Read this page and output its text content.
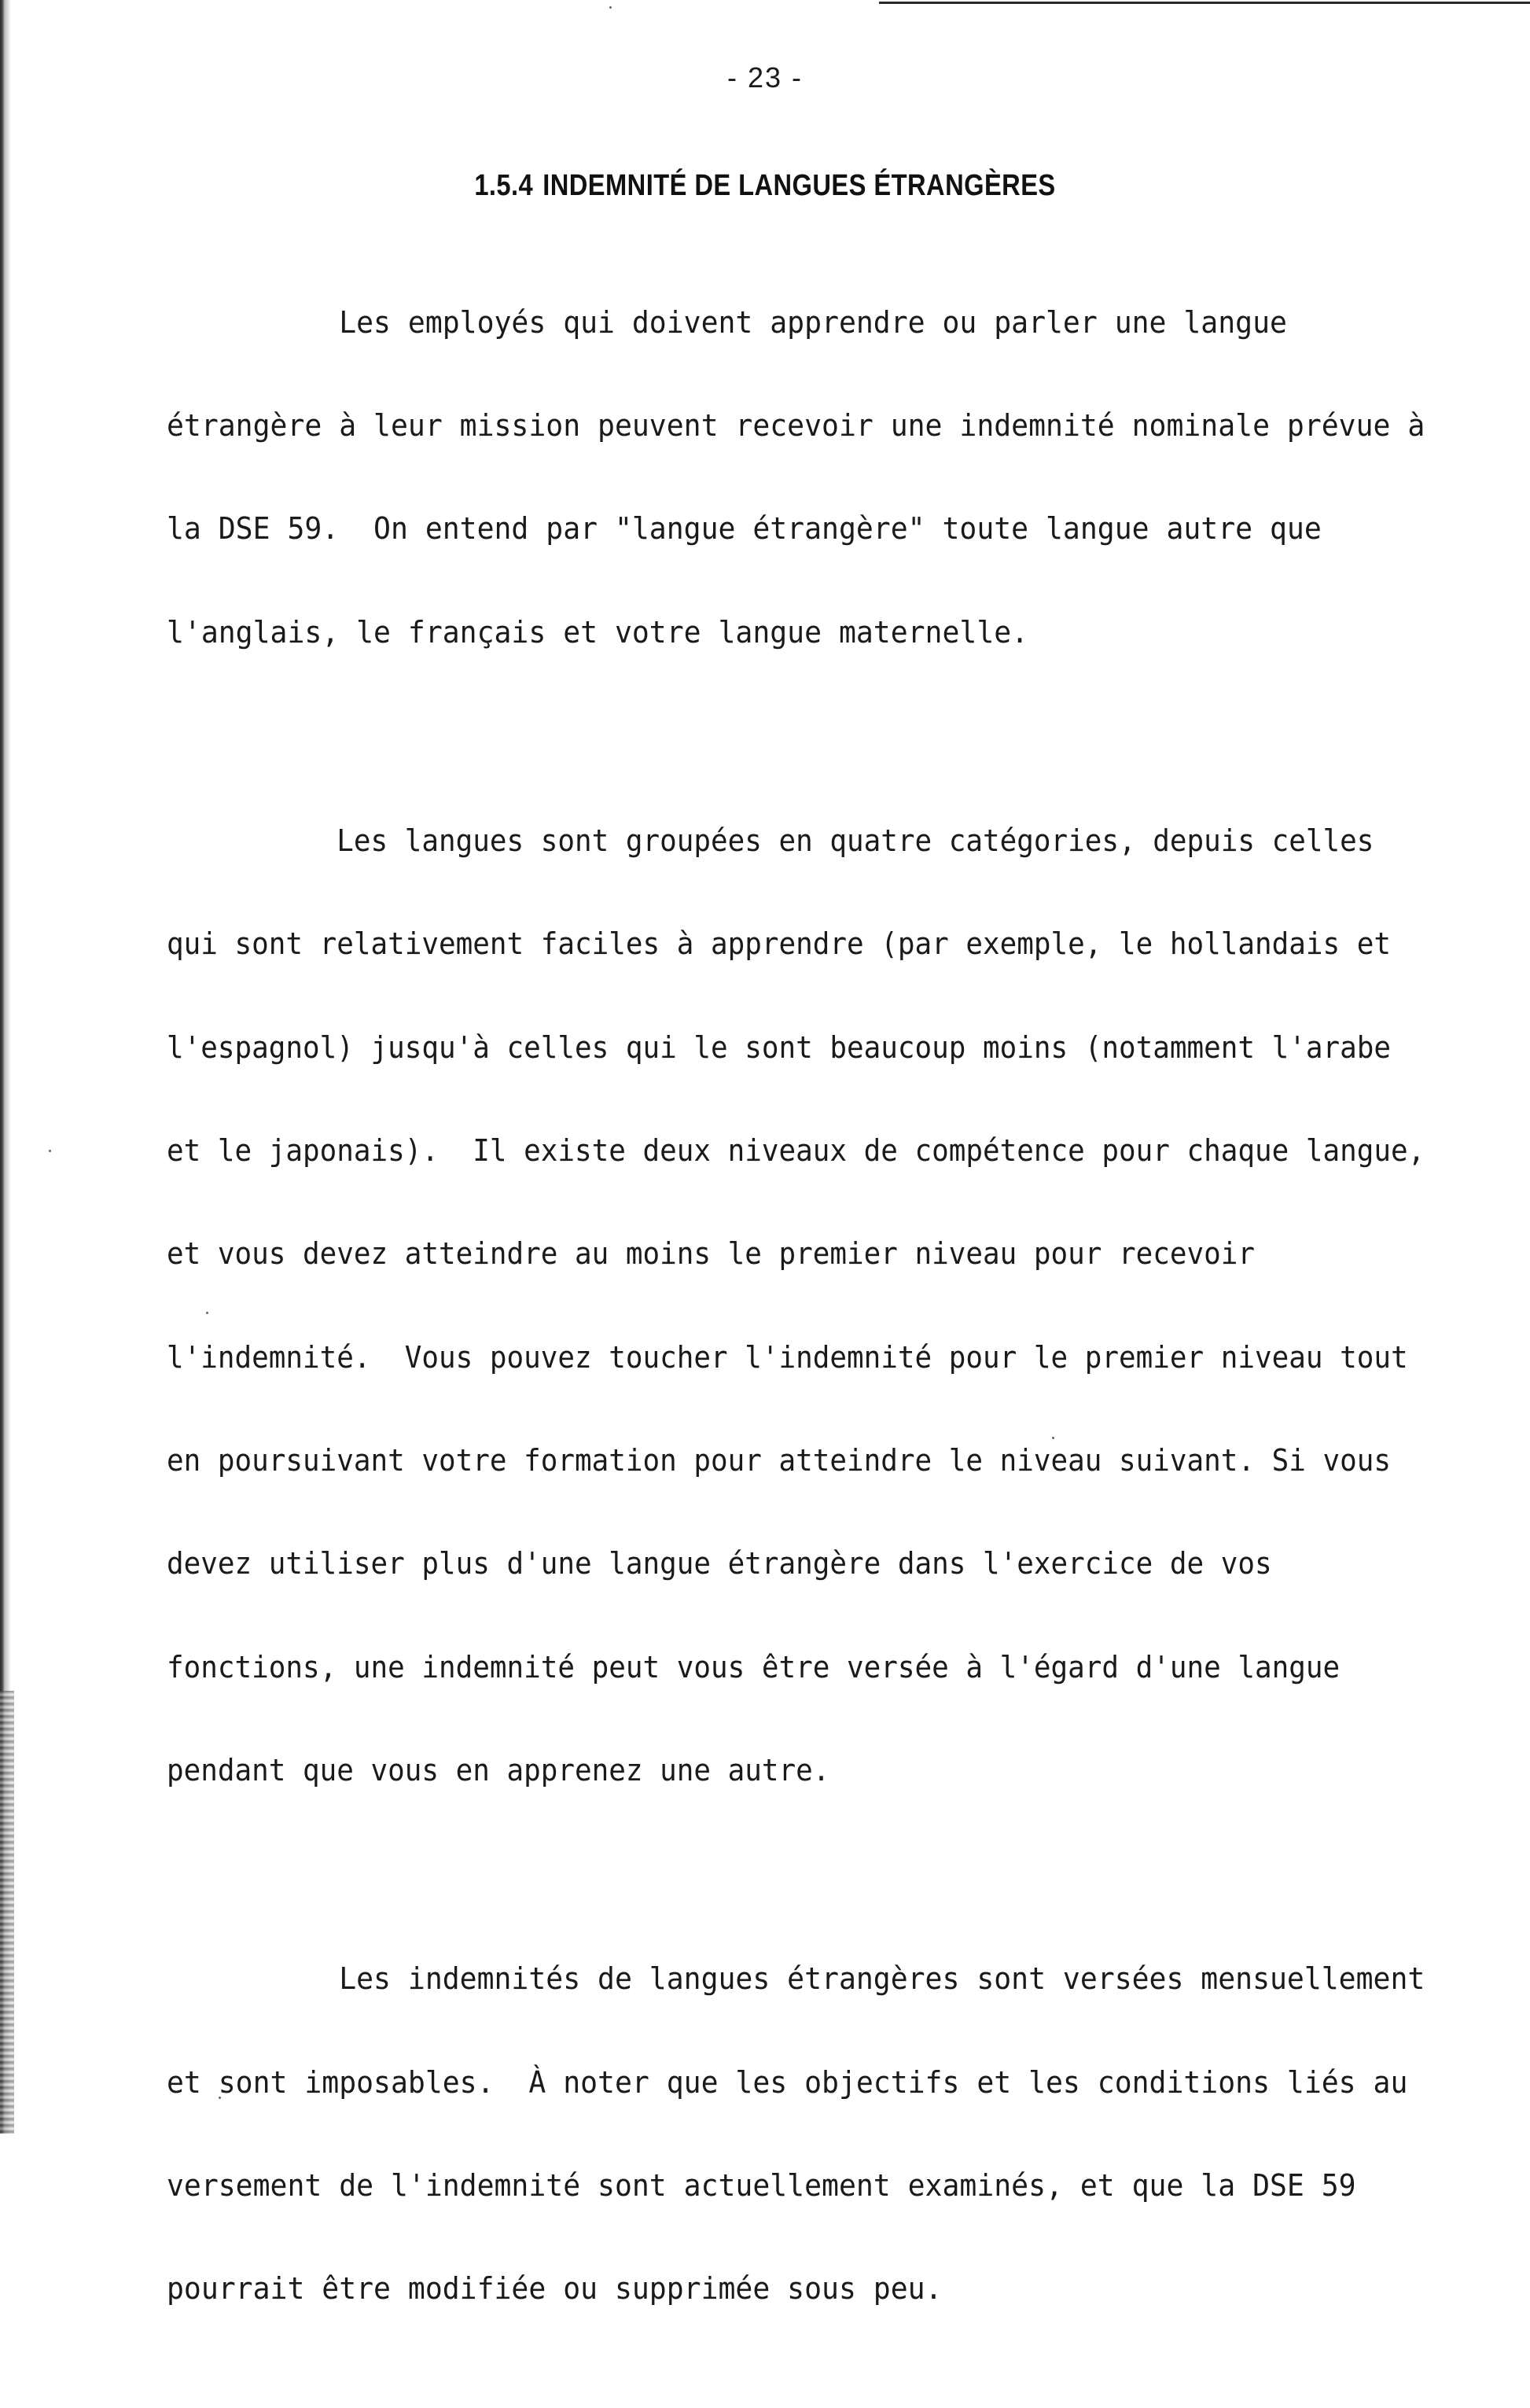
- 23 -
1.5.4 INDEMNITÉ DE LANGUES ÉTRANGÈRES

Les employés qui doivent apprendre ou parler une langue

étrangère à leur mission peuvent recevoir une indemnité nominale prévue à

la DSE 59.  On entend par "langue étrangère" toute langue autre que

l'anglais, le français et votre langue maternelle.

Les langues sont groupées en quatre catégories, depuis celles

qui sont relativement faciles à apprendre (par exemple, le hollandais et

l'espagnol) jusqu'à celles qui le sont beaucoup moins (notamment l'arabe

et le japonais).  Il existe deux niveaux de compétence pour chaque langue,

et vous devez atteindre au moins le premier niveau pour recevoir

l'indemnité.  Vous pouvez toucher l'indemnité pour le premier niveau tout

en poursuivant votre formation pour atteindre le niveau suivant. Si vous

devez utiliser plus d'une langue étrangère dans l'exercice de vos

fonctions, une indemnité peut vous être versée à l'égard d'une langue

pendant que vous en apprenez une autre.

Les indemnités de langues étrangères sont versées mensuellement

et sont imposables.  À noter que les objectifs et les conditions liés au

versement de l'indemnité sont actuellement examinés, et que la DSE 59

pourrait être modifiée ou supprimée sous peu.
